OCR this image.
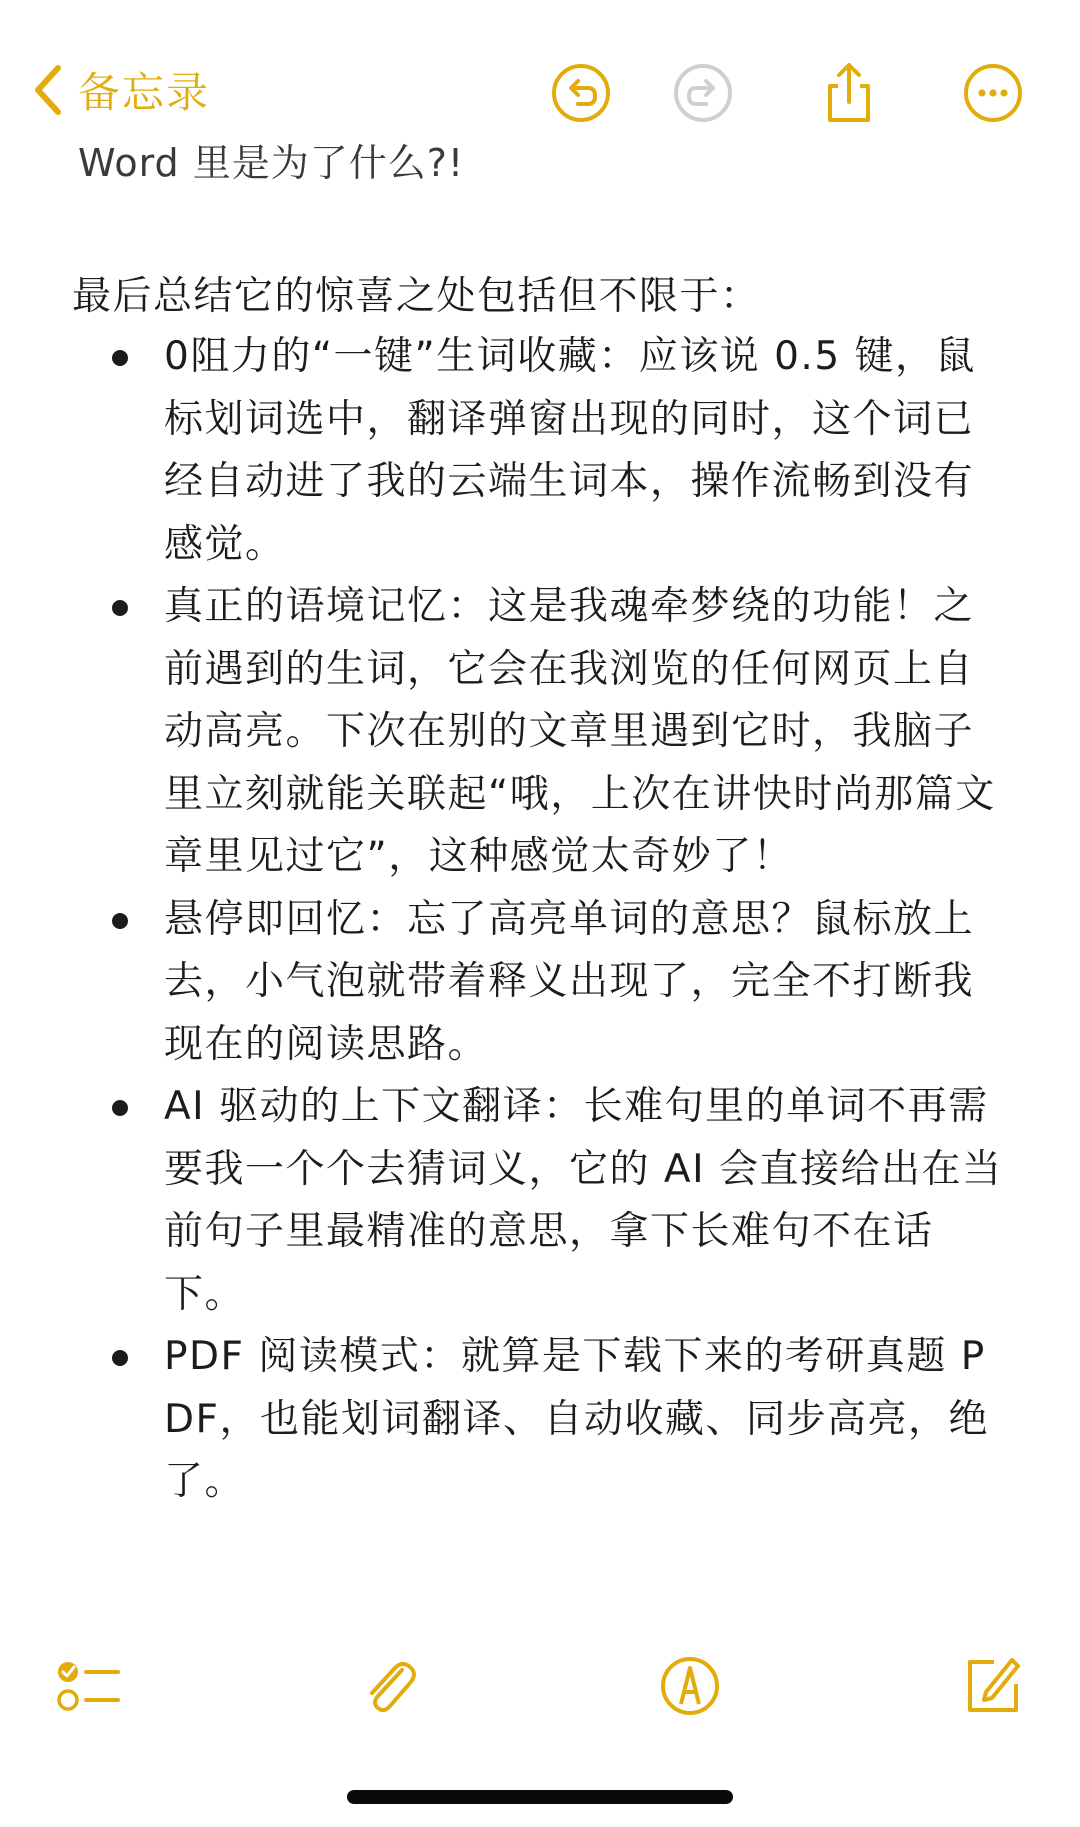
备忘录
Word 里是为了什么?!
最后总结它的惊喜之处包括但不限于：
0阻力的“一键”生词收藏：应该说 0.5 键，鼠标划词选中，翻译弹窗出现的同时，这个词已经自动进了我的云端生词本，操作流畅到没有感觉。
真正的语境记忆：这是我魂牵梦绕的功能！之前遇到的生词，它会在我浏览的任何网页上自动高亮。下次在别的文章里遇到它时，我脑子里立刻就能关联起“哦，上次在讲快时尚那篇文章里见过它”，这种感觉太奇妙了！
悬停即回忆：忘了高亮单词的意思？鼠标放上去，小气泡就带着释义出现了，完全不打断我现在的阅读思路。
AI 驱动的上下文翻译：长难句里的单词不再需要我一个个去猜词义，它的 AI 会直接给出在当前句子里最精准的意思，拿下长难句不在话下。
PDF 阅读模式：就算是下载下来的考研真题 PDF，也能划词翻译、自动收藏、同步高亮，绝了。
